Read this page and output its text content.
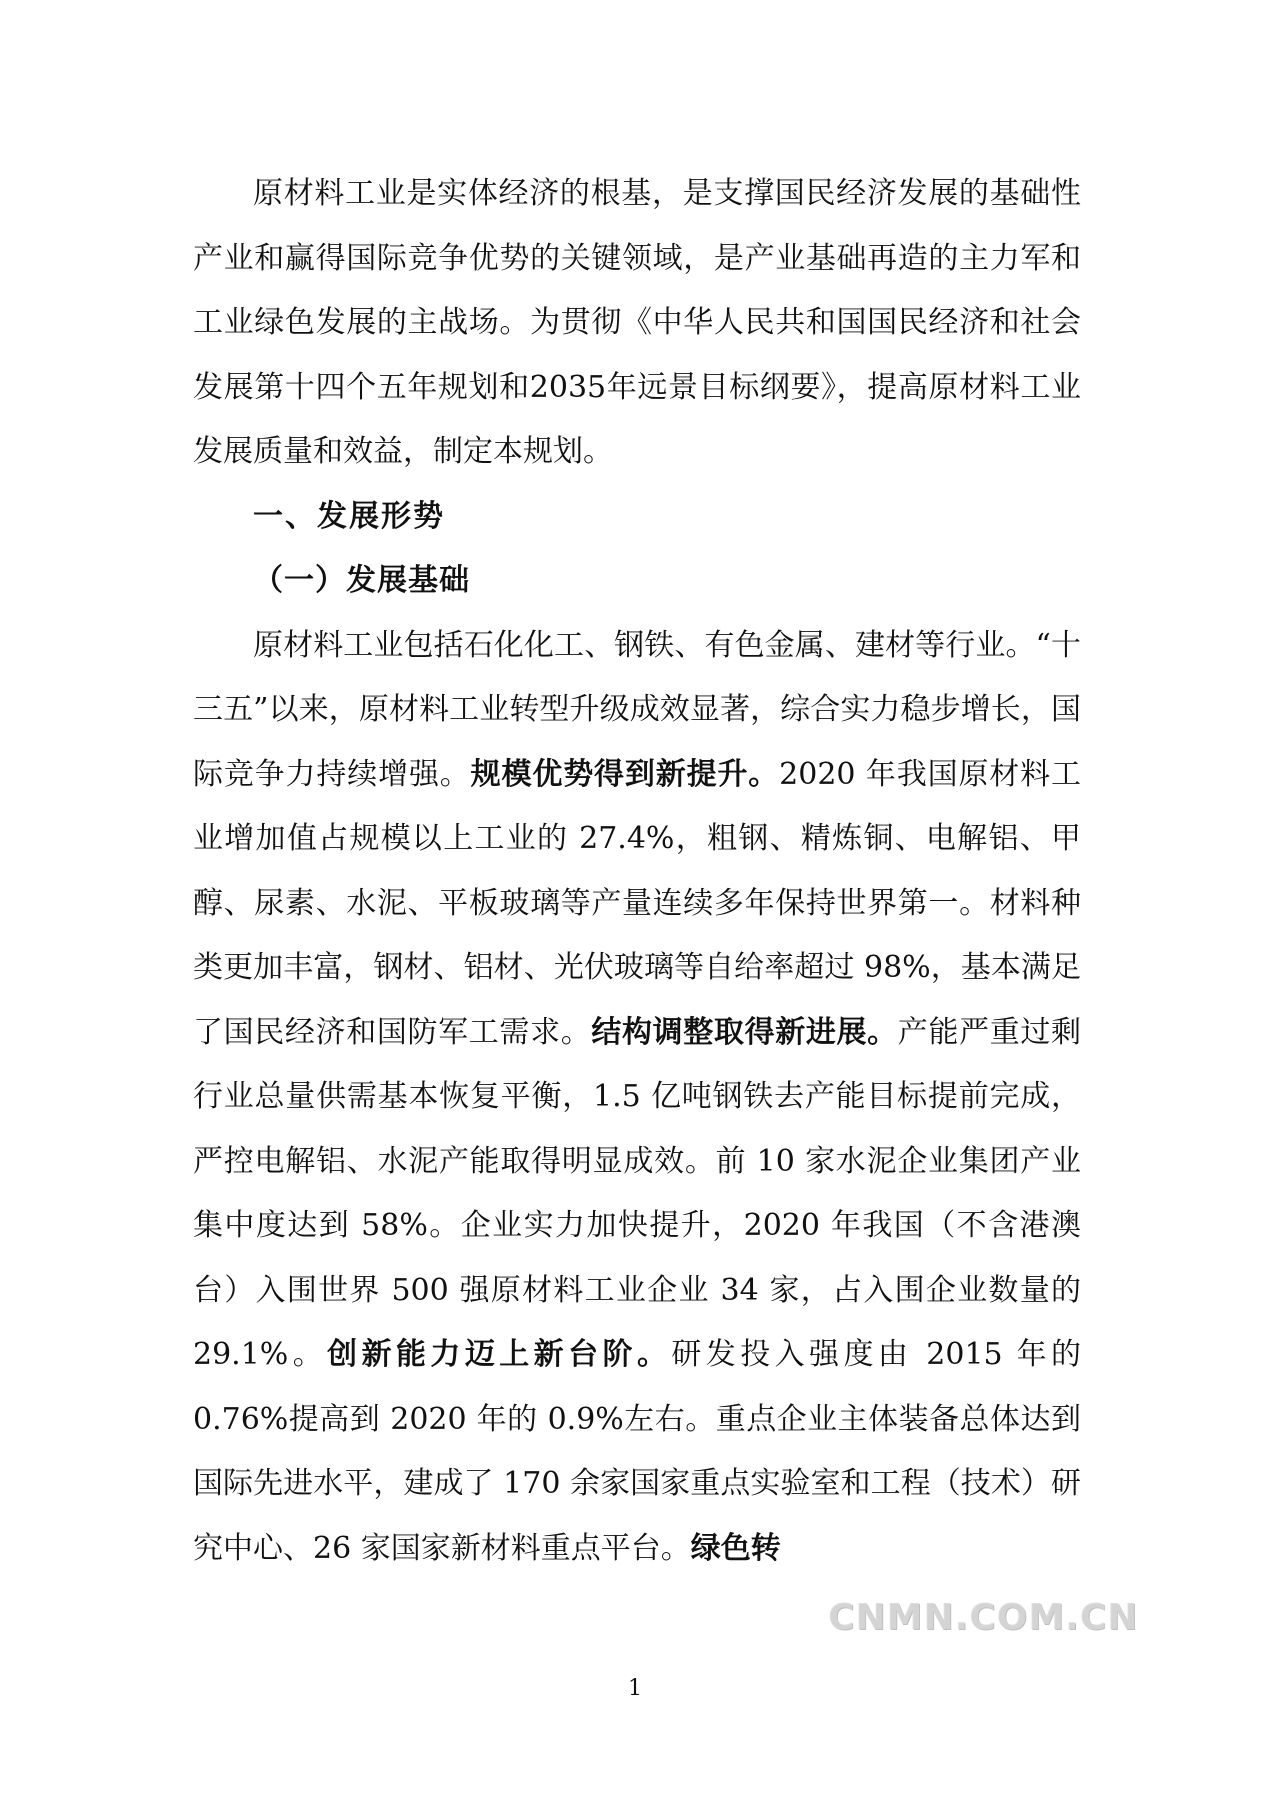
原材料工业是实体经济的根基，是支撑国民经济发展的基础性产业和赢得国际竞争优势的关键领域，是产业基础再造的主力军和工业绿色发展的主战场。为贯彻《中华人民共和国国民经济和社会发展第十四个五年规划和2035年远景目标纲要》，提高原材料工业发展质量和效益，制定本规划。

一、发展形势

（一）发展基础

原材料工业包括石化化工、钢铁、有色金属、建材等行业。“十三五”以来，原材料工业转型升级成效显著，综合实力稳步增长，国际竞争力持续增强。规模优势得到新提升。2020 年我国原材料工业增加值占规模以上工业的 27.4%，粗钢、精炼铜、电解铝、甲醇、尿素、水泥、平板玻璃等产量连续多年保持世界第一。材料种类更加丰富，钢材、铝材、光伏玻璃等自给率超过 98%，基本满足了国民经济和国防军工需求。结构调整取得新进展。产能严重过剩行业总量供需基本恢复平衡，1.5 亿吨钢铁去产能目标提前完成，严控电解铝、水泥产能取得明显成效。前 10 家水泥企业集团产业集中度达到 58%。企业实力加快提升，2020 年我国（不含港澳台）入围世界 500 强原材料工业企业 34 家，占入围企业数量的 29.1%。创新能力迈上新台阶。研发投入强度由 2015 年的 0.76%提高到 2020 年的 0.9%左右。重点企业主体装备总体达到国际先进水平，建成了 170 余家国家重点实验室和工程（技术）研究中心、26 家国家新材料重点平台。绿色转

CNMN.COM.CN
1
